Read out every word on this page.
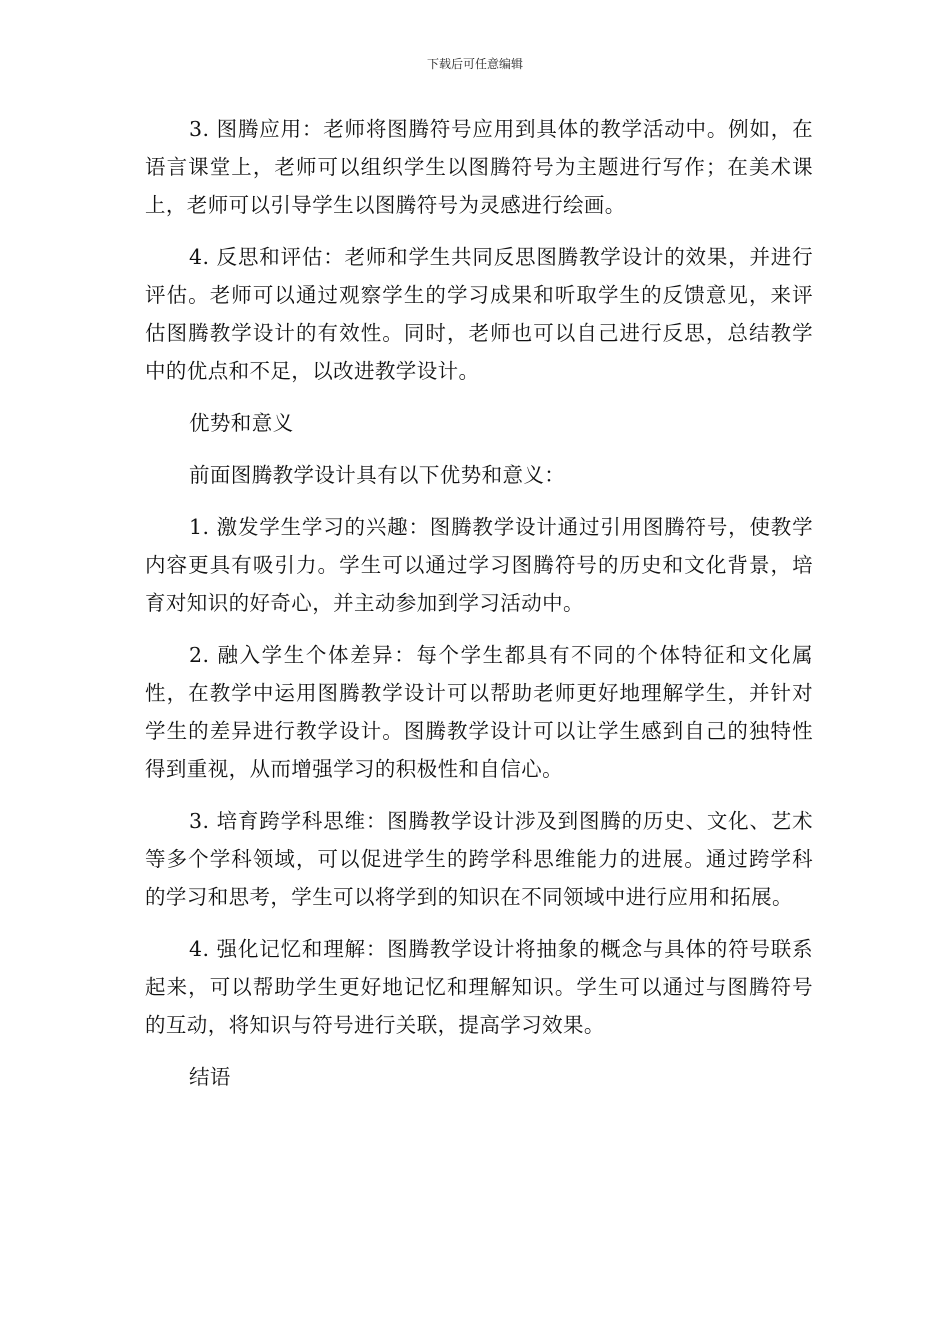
下载后可任意编辑

3. 图腾应用：老师将图腾符号应用到具体的教学活动中。例如，在语言课堂上，老师可以组织学生以图腾符号为主题进行写作；在美术课上，老师可以引导学生以图腾符号为灵感进行绘画。

4. 反思和评估：老师和学生共同反思图腾教学设计的效果，并进行评估。老师可以通过观察学生的学习成果和听取学生的反馈意见，来评估图腾教学设计的有效性。同时，老师也可以自己进行反思，总结教学中的优点和不足，以改进教学设计。

优势和意义

前面图腾教学设计具有以下优势和意义：

1. 激发学生学习的兴趣：图腾教学设计通过引用图腾符号，使教学内容更具有吸引力。学生可以通过学习图腾符号的历史和文化背景，培育对知识的好奇心，并主动参加到学习活动中。

2. 融入学生个体差异：每个学生都具有不同的个体特征和文化属性，在教学中运用图腾教学设计可以帮助老师更好地理解学生，并针对学生的差异进行教学设计。图腾教学设计可以让学生感到自己的独特性得到重视，从而增强学习的积极性和自信心。

3. 培育跨学科思维：图腾教学设计涉及到图腾的历史、文化、艺术等多个学科领域，可以促进学生的跨学科思维能力的进展。通过跨学科的学习和思考，学生可以将学到的知识在不同领域中进行应用和拓展。

4. 强化记忆和理解：图腾教学设计将抽象的概念与具体的符号联系起来，可以帮助学生更好地记忆和理解知识。学生可以通过与图腾符号的互动，将知识与符号进行关联，提高学习效果。

结语
